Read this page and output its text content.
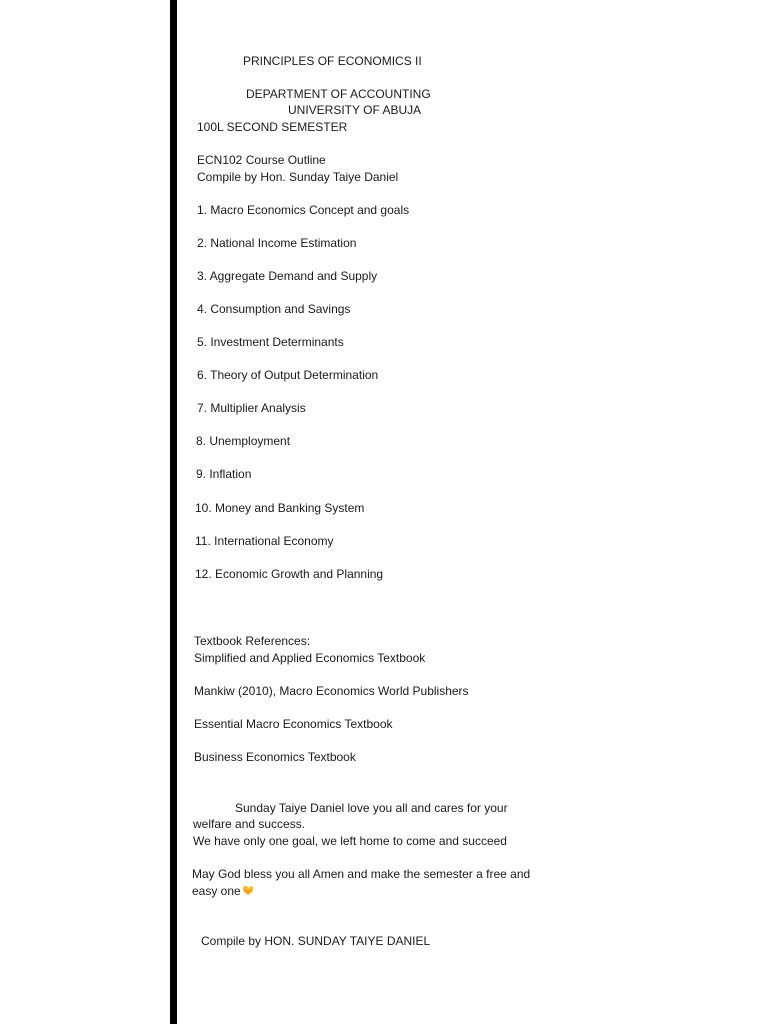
PRINCIPLES OF ECONOMICS II
DEPARTMENT OF ACCOUNTING
UNIVERSITY OF ABUJA
100L SECOND SEMESTER
ECN102 Course Outline
Compile by Hon. Sunday Taiye Daniel
1. Macro Economics Concept and goals
2. National Income Estimation
3. Aggregate Demand and Supply
4. Consumption and Savings
5. Investment Determinants
6. Theory of Output Determination
7. Multiplier Analysis
8. Unemployment
9. Inflation
10. Money and Banking System
11. International Economy
12. Economic Growth and Planning
Textbook References:
Simplified and Applied Economics Textbook
Mankiw (2010), Macro Economics World Publishers
Essential Macro Economics Textbook
Business Economics Textbook
Sunday Taiye Daniel love you all and cares for your
welfare and success.
We have only one goal, we left home to come and succeed
May God bless you all Amen and make the semester a free and
easy one
Compile by HON. SUNDAY TAIYE DANIEL
